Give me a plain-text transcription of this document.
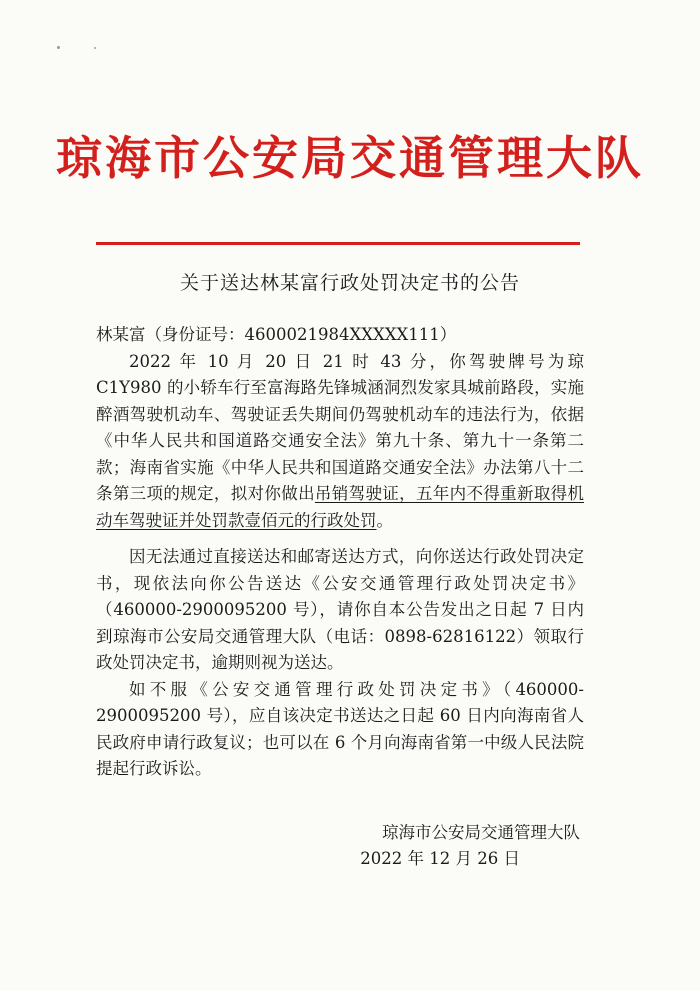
琼海市公安局交通管理大队
关于送达林某富行政处罚决定书的公告

林某富（身份证号：4600021984XXXXX111）

2022 年 10 月 20 日 21 时 43 分，你驾驶牌号为琼 C1Y980 的小轿车行至富海路先锋城涵洞烈发家具城前路段，实施醉酒驾驶机动车、驾驶证丢失期间仍驾驶机动车的违法行为，依据《中华人民共和国道路交通安全法》第九十条、第九十一条第二款；海南省实施《中华人民共和国道路交通安全法》办法第八十二条第三项的规定，拟对你做出吊销驾驶证，五年内不得重新取得机动车驾驶证并处罚款壹佰元的行政处罚。

因无法通过直接送达和邮寄送达方式，向你送达行政处罚决定书，现依法向你公告送达《公安交通管理行政处罚决定书》（460000-2900095200 号），请你自本公告发出之日起 7 日内到琼海市公安局交通管理大队（电话：0898-62816122）领取行政处罚决定书，逾期则视为送达。

如不服《公安交通管理行政处罚决定书》（460000-2900095200 号），应自该决定书送达之日起 60 日内向海南省人民政府申请行政复议；也可以在 6 个月向海南省第一中级人民法院提起行政诉讼。

琼海市公安局交通管理大队
2022 年 12 月 26 日
